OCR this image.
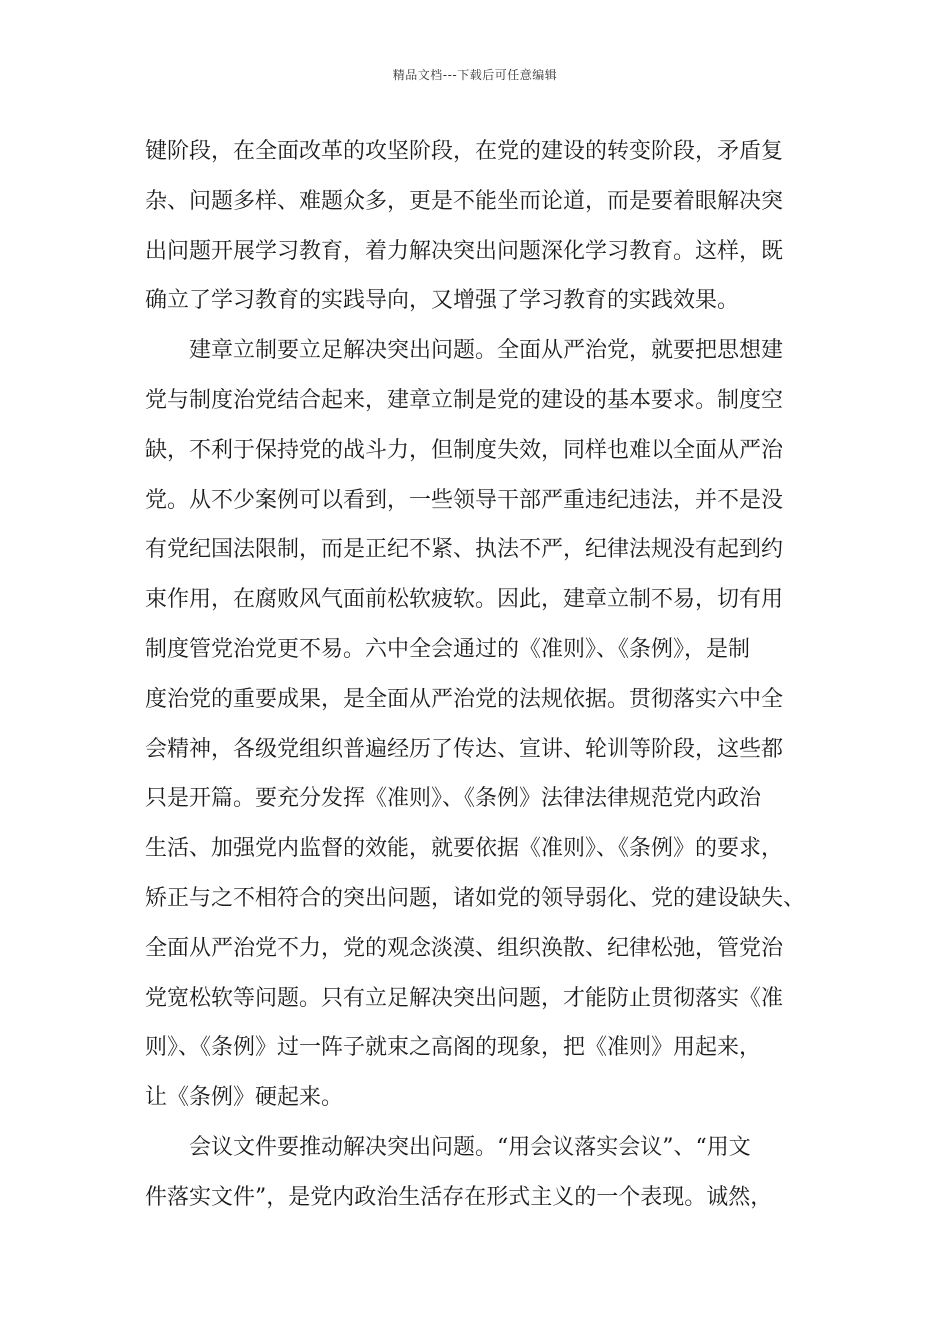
精品文档---下载后可任意编辑
键阶段，在全面改革的攻坚阶段，在党的建设的转变阶段，矛盾复
杂、问题多样、难题众多，更是不能坐而论道，而是要着眼解决突
出问题开展学习教育，着力解决突出问题深化学习教育。这样，既
确立了学习教育的实践导向，又增强了学习教育的实践效果。
建章立制要立足解决突出问题。全面从严治党，就要把思想建
党与制度治党结合起来，建章立制是党的建设的基本要求。制度空
缺，不利于保持党的战斗力，但制度失效，同样也难以全面从严治
党。从不少案例可以看到，一些领导干部严重违纪违法，并不是没
有党纪国法限制，而是正纪不紧、执法不严，纪律法规没有起到约
束作用，在腐败风气面前松软疲软。因此，建章立制不易，切有用
制度管党治党更不易。六中全会通过的《准则》、《条例》，是制
度治党的重要成果，是全面从严治党的法规依据。贯彻落实六中全
会精神，各级党组织普遍经历了传达、宣讲、轮训等阶段，这些都
只是开篇。要充分发挥《准则》、《条例》法律法律规范党内政治
生活、加强党内监督的效能，就要依据《准则》、《条例》的要求，
矫正与之不相符合的突出问题，诸如党的领导弱化、党的建设缺失、
全面从严治党不力，党的观念淡漠、组织涣散、纪律松弛，管党治
党宽松软等问题。只有立足解决突出问题，才能防止贯彻落实《准
则》、《条例》过一阵子就束之高阁的现象，把《准则》用起来，
让《条例》硬起来。
会议文件要推动解决突出问题。“用会议落实会议”、“用文
件落实文件”，是党内政治生活存在形式主义的一个表现。诚然，
